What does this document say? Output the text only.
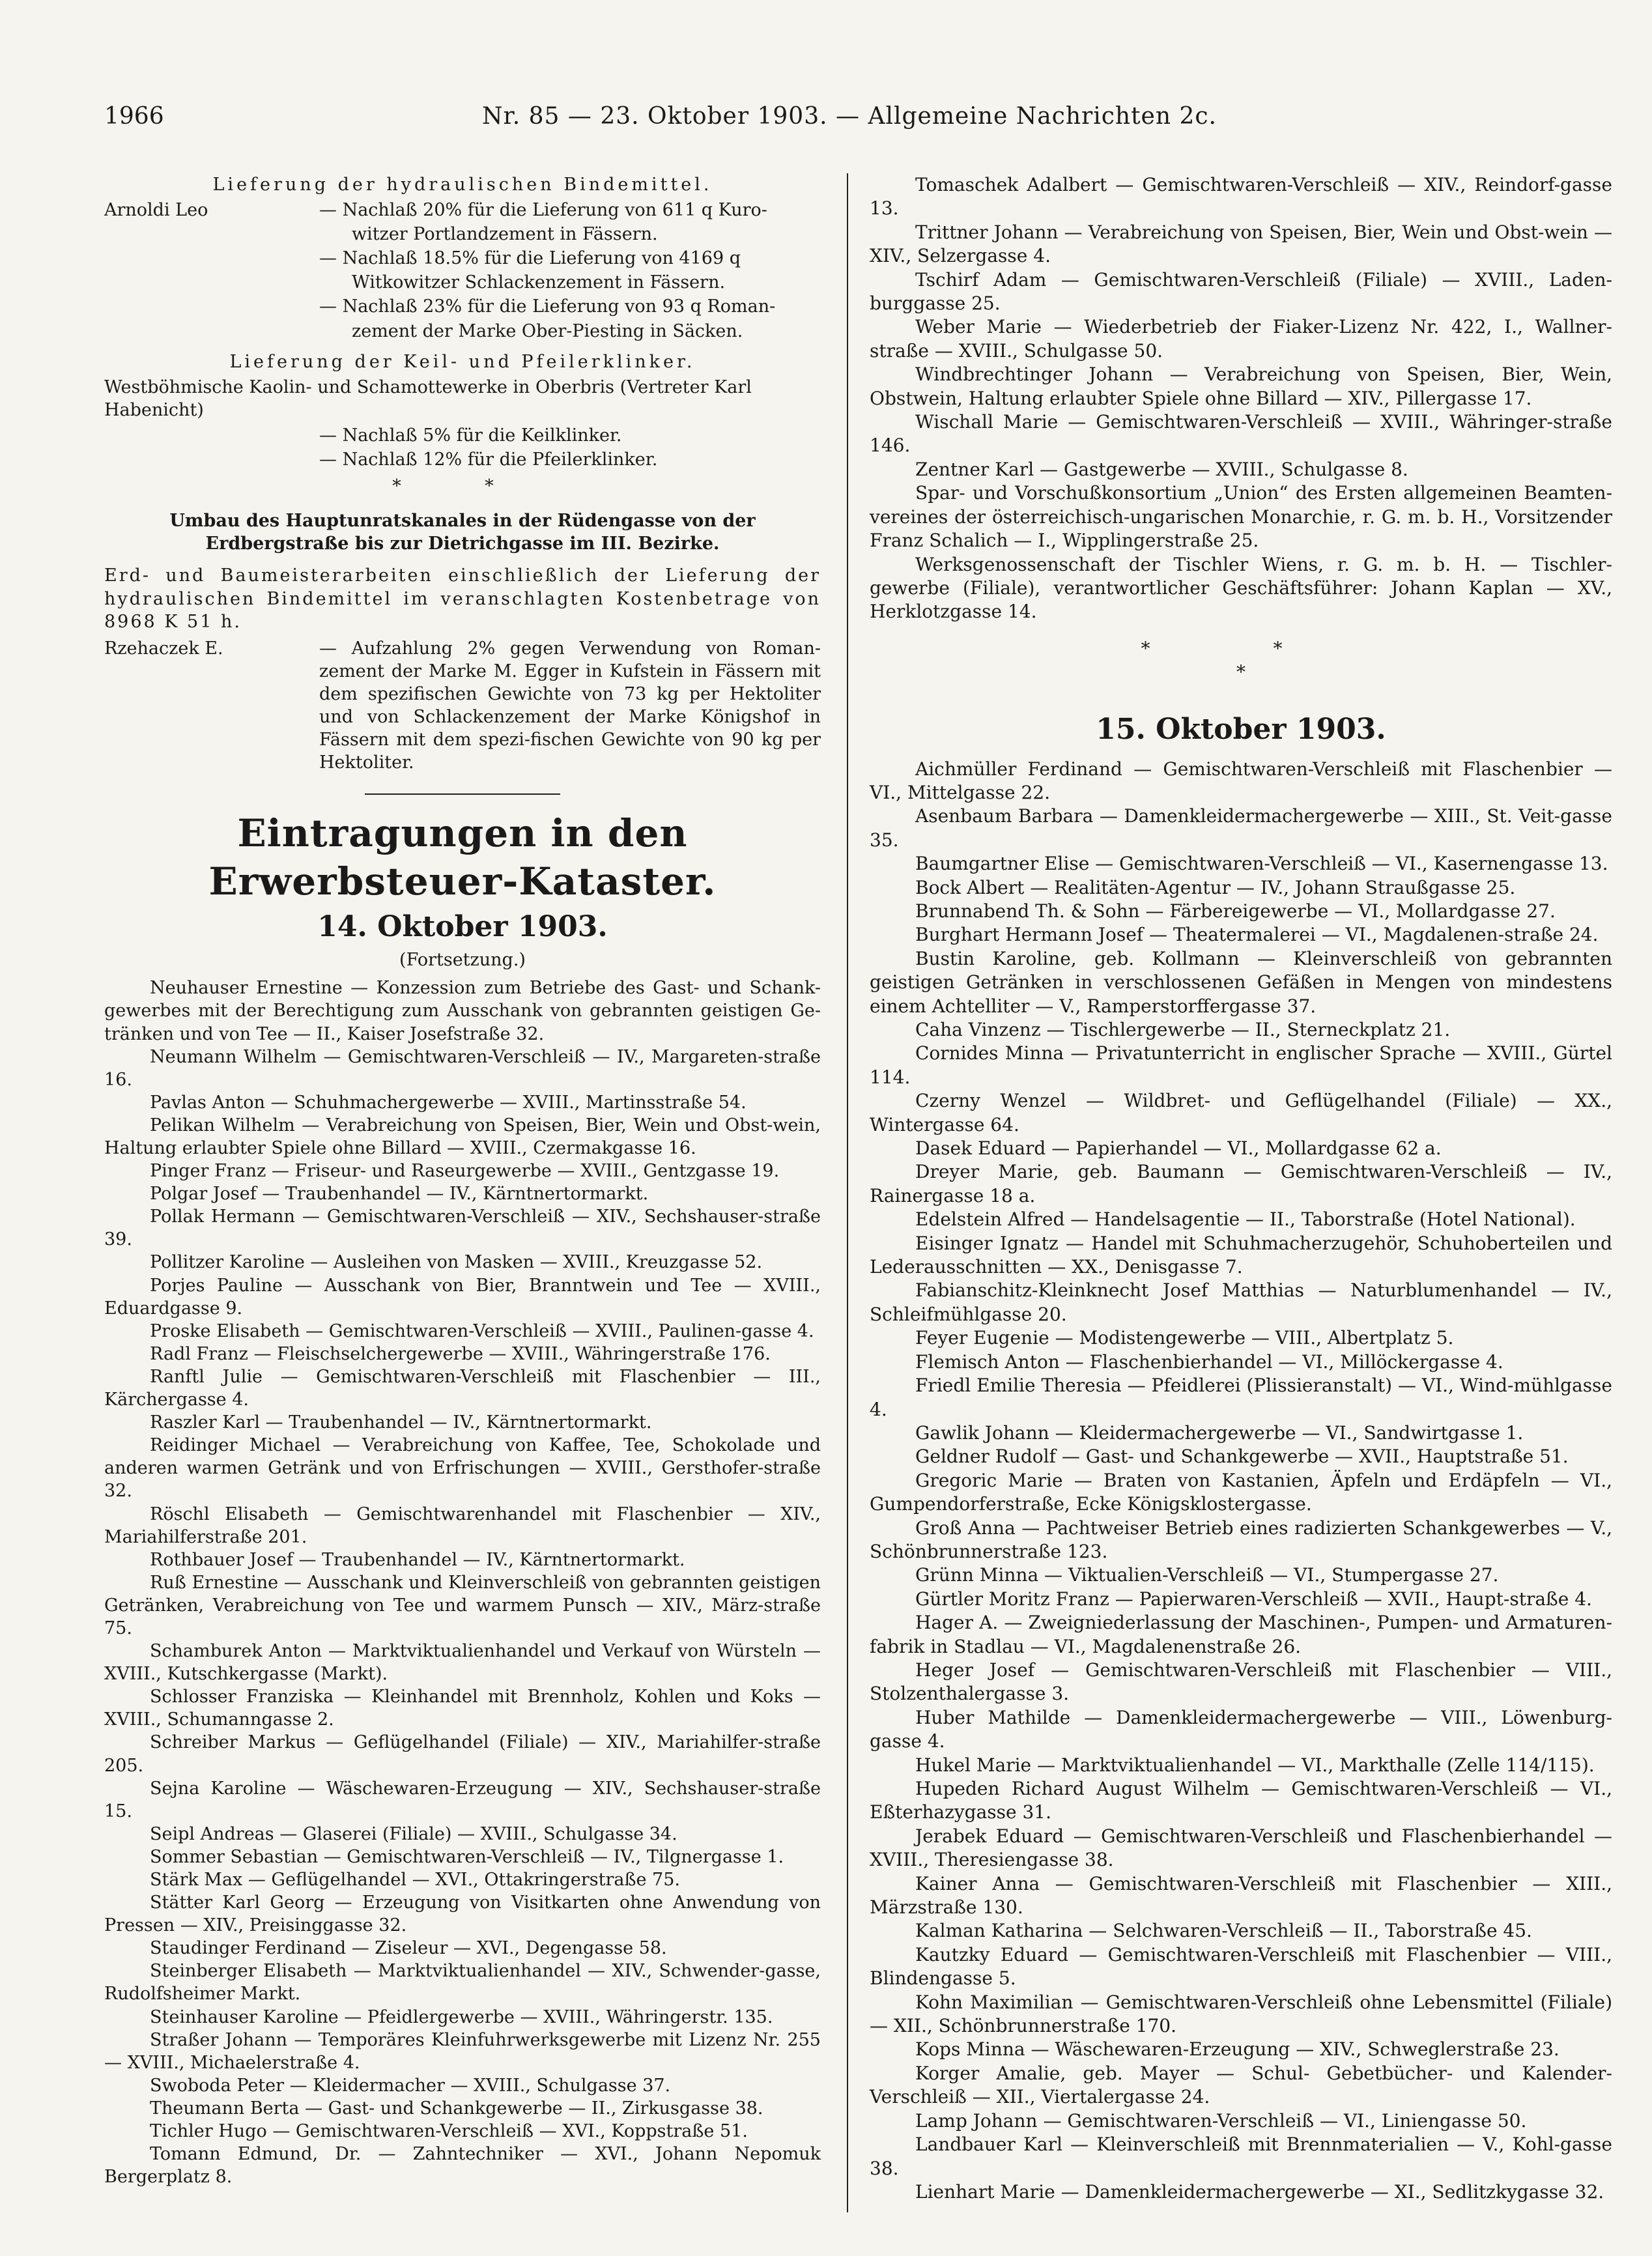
1966	Nr. 85 — 23. Oktober 1903. — Allgemeine Nachrichten 2c.
Lieferung der hydraulischen Bindemittel.
Arnoldi Leo	— Nachlaß 20% für die Lieferung von 611 q Kuro-
witzer Portlandzement in Fässern.
— Nachlaß 18.5% für die Lieferung von 4169 q
Witkowitzer Schlackenzement in Fässern.
— Nachlaß 23% für die Lieferung von 93 q Roman-
zement der Marke Ober-Piesting in Säcken.
Lieferung der Keil- und Pfeilerklinker.
Westböhmische Kaolin- und Schamottewerke in Oberbris (Vertreter Karl Habenicht)
— Nachlaß 5% für die Keilklinker.
— Nachlaß 12% für die Pfeilerklinker.
* *
Umbau des Hauptunratskanales in der Rüdengasse von der Erdbergstraße bis zur Dietrichgasse im III. Bezirke.
Erd- und Baumeisterarbeiten einschließlich der Lieferung der hydraulischen Bindemittel im veranschlagten Kostenbetrage von 8968 K 51 h.
Rzehaczek E.	— Aufzahlung 2% gegen Verwendung von Roman-zement der Marke M. Egger in Kufstein in Fässern mit dem spezifischen Gewichte von 73 kg per Hektoliter und von Schlackenzement der Marke Königshof in Fässern mit dem spezi-fischen Gewichte von 90 kg per Hektoliter.
Eintragungen in den Erwerbsteuer-Kataster.
14. Oktober 1903.
(Fortsetzung.)

Neuhauser Ernestine — Konzession zum Betriebe des Gast- und Schank-gewerbes mit der Berechtigung zum Ausschank von gebrannten geistigen Ge-tränken und von Tee — II., Kaiser Josefstraße 32.

Neumann Wilhelm — Gemischtwaren-Verschleiß — IV., Margareten-straße 16.

Pavlas Anton — Schuhmachergewerbe — XVIII., Martinsstraße 54.

Pelikan Wilhelm — Verabreichung von Speisen, Bier, Wein und Obst-wein, Haltung erlaubter Spiele ohne Billard — XVIII., Czermakgasse 16.

Pinger Franz — Friseur- und Raseurgewerbe — XVIII., Gentzgasse 19.

Polgar Josef — Traubenhandel — IV., Kärntnertormarkt.

Pollak Hermann — Gemischtwaren-Verschleiß — XIV., Sechshauser-straße 39.

Pollitzer Karoline — Ausleihen von Masken — XVIII., Kreuzgasse 52.

Porjes Pauline — Ausschank von Bier, Branntwein und Tee — XVIII., Eduardgasse 9.

Proske Elisabeth — Gemischtwaren-Verschleiß — XVIII., Paulinen-gasse 4.

Radl Franz — Fleischselchergewerbe — XVIII., Währingerstraße 176.

Ranftl Julie — Gemischtwaren-Verschleiß mit Flaschenbier — III., Kärchergasse 4.

Raszler Karl — Traubenhandel — IV., Kärntnertormarkt.

Reidinger Michael — Verabreichung von Kaffee, Tee, Schokolade und anderen warmen Getränk und von Erfrischungen — XVIII., Gersthofer-straße 32.

Röschl Elisabeth — Gemischtwarenhandel mit Flaschenbier — XIV., Mariahilferstraße 201.

Rothbauer Josef — Traubenhandel — IV., Kärntnertormarkt.

Ruß Ernestine — Ausschank und Kleinverschleiß von gebrannten geistigen Getränken, Verabreichung von Tee und warmem Punsch — XIV., März-straße 75.

Schamburek Anton — Marktviktualienhandel und Verkauf von Würsteln — XVIII., Kutschkergasse (Markt).

Schlosser Franziska — Kleinhandel mit Brennholz, Kohlen und Koks — XVIII., Schumanngasse 2.

Schreiber Markus — Geflügelhandel (Filiale) — XIV., Mariahilfer-straße 205.

Sejna Karoline — Wäschewaren-Erzeugung — XIV., Sechshauser-straße 15.

Seipl Andreas — Glaserei (Filiale) — XVIII., Schulgasse 34.

Sommer Sebastian — Gemischtwaren-Verschleiß — IV., Tilgnergasse 1.

Stärk Max — Geflügelhandel — XVI., Ottakringerstraße 75.

Stätter Karl Georg — Erzeugung von Visitkarten ohne Anwendung von Pressen — XIV., Preisinggasse 32.

Staudinger Ferdinand — Ziseleur — XVI., Degengasse 58.

Steinberger Elisabeth — Marktviktualienhandel — XIV., Schwender-gasse, Rudolfsheimer Markt.

Steinhauser Karoline — Pfeidlergewerbe — XVIII., Währingerstr. 135.

Straßer Johann — Temporäres Kleinfuhrwerksgewerbe mit Lizenz Nr. 255 — XVIII., Michaelerstraße 4.

Swoboda Peter — Kleidermacher — XVIII., Schulgasse 37.

Theumann Berta — Gast- und Schankgewerbe — II., Zirkusgasse 38.

Tichler Hugo — Gemischtwaren-Verschleiß — XVI., Koppstraße 51.

Tomann Edmund, Dr. — Zahntechniker — XVI., Johann Nepomuk Bergerplatz 8.

Tomaschek Adalbert — Gemischtwaren-Verschleiß — XIV., Reindorf-gasse 13.

Trittner Johann — Verabreichung von Speisen, Bier, Wein und Obst-wein — XIV., Selzergasse 4.

Tschirf Adam — Gemischtwaren-Verschleiß (Filiale) — XVIII., Laden-burggasse 25.

Weber Marie — Wiederbetrieb der Fiaker-Lizenz Nr. 422, I., Wallner-straße — XVIII., Schulgasse 50.

Windbrechtinger Johann — Verabreichung von Speisen, Bier, Wein, Obstwein, Haltung erlaubter Spiele ohne Billard — XIV., Pillergasse 17.

Wischall Marie — Gemischtwaren-Verschleiß — XVIII., Währinger-straße 146.

Zentner Karl — Gastgewerbe — XVIII., Schulgasse 8.

Spar- und Vorschußkonsortium „Union“ des Ersten allgemeinen Beamten-vereines der österreichisch-ungarischen Monarchie, r. G. m. b. H., Vorsitzender Franz Schalich — I., Wipplingerstraße 25.

Werksgenossenschaft der Tischler Wiens, r. G. m. b. H. — Tischler-gewerbe (Filiale), verantwortlicher Geschäftsführer: Johann Kaplan — XV., Herklotzgasse 14.

* *
*
15. Oktober 1903.

Aichmüller Ferdinand — Gemischtwaren-Verschleiß mit Flaschenbier — VI., Mittelgasse 22.

Asenbaum Barbara — Damenkleidermachergewerbe — XIII., St. Veit-gasse 35.

Baumgartner Elise — Gemischtwaren-Verschleiß — VI., Kasernengasse 13.

Bock Albert — Realitäten-Agentur — IV., Johann Straußgasse 25.

Brunnabend Th. & Sohn — Färbereigewerbe — VI., Mollardgasse 27.

Burghart Hermann Josef — Theatermalerei — VI., Magdalenen-straße 24.

Bustin Karoline, geb. Kollmann — Kleinverschleiß von gebrannten geistigen Getränken in verschlossenen Gefäßen in Mengen von mindestens einem Achtelliter — V., Ramperstorffergasse 37.

Caha Vinzenz — Tischlergewerbe — II., Sterneckplatz 21.

Cornides Minna — Privatunterricht in englischer Sprache — XVIII., Gürtel 114.

Czerny Wenzel — Wildbret- und Geflügelhandel (Filiale) — XX., Wintergasse 64.

Dasek Eduard — Papierhandel — VI., Mollardgasse 62 a.

Dreyer Marie, geb. Baumann — Gemischtwaren-Verschleiß — IV., Rainergasse 18 a.

Edelstein Alfred — Handelsagentie — II., Taborstraße (Hotel National).

Eisinger Ignatz — Handel mit Schuhmacherzugehör, Schuhoberteilen und Lederausschnitten — XX., Denisgasse 7.

Fabianschitz-Kleinknecht Josef Matthias — Naturblumenhandel — IV., Schleifmühlgasse 20.

Feyer Eugenie — Modistengewerbe — VIII., Albertplatz 5.

Flemisch Anton — Flaschenbierhandel — VI., Millöckergasse 4.

Friedl Emilie Theresia — Pfeidlerei (Plissieranstalt) — VI., Wind-mühlgasse 4.

Gawlik Johann — Kleidermachergewerbe — VI., Sandwirtgasse 1.

Geldner Rudolf — Gast- und Schankgewerbe — XVII., Hauptstraße 51.

Gregoric Marie — Braten von Kastanien, Äpfeln und Erdäpfeln — VI., Gumpendorferstraße, Ecke Königsklostergasse.

Groß Anna — Pachtweiser Betrieb eines radizierten Schankgewerbes — V., Schönbrunnerstraße 123.

Grünn Minna — Viktualien-Verschleiß — VI., Stumpergasse 27.

Gürtler Moritz Franz — Papierwaren-Verschleiß — XVII., Haupt-straße 4.

Hager A. — Zweigniederlassung der Maschinen-, Pumpen- und Armaturen-fabrik in Stadlau — VI., Magdalenenstraße 26.

Heger Josef — Gemischtwaren-Verschleiß mit Flaschenbier — VIII., Stolzenthalergasse 3.

Huber Mathilde — Damenkleidermachergewerbe — VIII., Löwenburg-gasse 4.

Hukel Marie — Marktviktualienhandel — VI., Markthalle (Zelle 114/115).

Hupeden Richard August Wilhelm — Gemischtwaren-Verschleiß — VI., Eßterhazygasse 31.

Jerabek Eduard — Gemischtwaren-Verschleiß und Flaschenbierhandel — XVIII., Theresiengasse 38.

Kainer Anna — Gemischtwaren-Verschleiß mit Flaschenbier — XIII., Märzstraße 130.

Kalman Katharina — Selchwaren-Verschleiß — II., Taborstraße 45.

Kautzky Eduard — Gemischtwaren-Verschleiß mit Flaschenbier — VIII., Blindengasse 5.

Kohn Maximilian — Gemischtwaren-Verschleiß ohne Lebensmittel (Filiale) — XII., Schönbrunnerstraße 170.

Kops Minna — Wäschewaren-Erzeugung — XIV., Schweglerstraße 23.

Korger Amalie, geb. Mayer — Schul- Gebetbücher- und Kalender-Verschleiß — XII., Viertalergasse 24.

Lamp Johann — Gemischtwaren-Verschleiß — VI., Liniengasse 50.

Landbauer Karl — Kleinverschleiß mit Brennmaterialien — V., Kohl-gasse 38.

Lienhart Marie — Damenkleidermachergewerbe — XI., Sedlitzkygasse 32.
